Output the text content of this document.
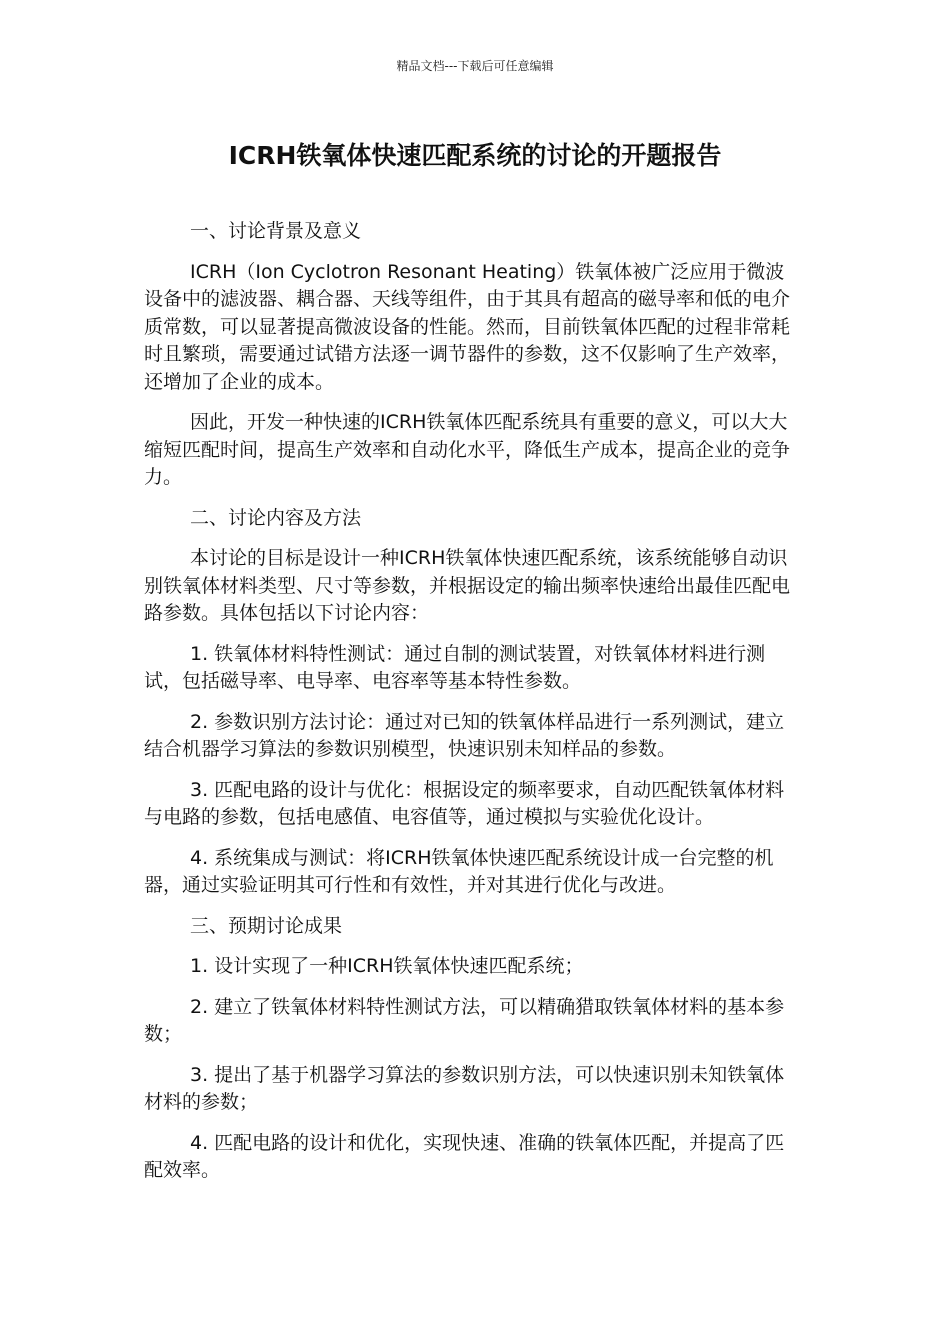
精品文档---下载后可任意编辑
ICRH铁氧体快速匹配系统的讨论的开题报告

一、讨论背景及意义

ICRH（Ion Cyclotron Resonant Heating）铁氧体被广泛应用于微波设备中的滤波器、耦合器、天线等组件，由于其具有超高的磁导率和低的电介质常数，可以显著提高微波设备的性能。然而，目前铁氧体匹配的过程非常耗时且繁琐，需要通过试错方法逐一调节器件的参数，这不仅影响了生产效率，还增加了企业的成本。

因此，开发一种快速的ICRH铁氧体匹配系统具有重要的意义，可以大大缩短匹配时间，提高生产效率和自动化水平，降低生产成本，提高企业的竞争力。

二、讨论内容及方法

本讨论的目标是设计一种ICRH铁氧体快速匹配系统，该系统能够自动识别铁氧体材料类型、尺寸等参数，并根据设定的输出频率快速给出最佳匹配电路参数。具体包括以下讨论内容：

1. 铁氧体材料特性测试：通过自制的测试装置，对铁氧体材料进行测试，包括磁导率、电导率、电容率等基本特性参数。

2. 参数识别方法讨论：通过对已知的铁氧体样品进行一系列测试，建立结合机器学习算法的参数识别模型，快速识别未知样品的参数。

3. 匹配电路的设计与优化：根据设定的频率要求，自动匹配铁氧体材料与电路的参数，包括电感值、电容值等，通过模拟与实验优化设计。

4. 系统集成与测试：将ICRH铁氧体快速匹配系统设计成一台完整的机器，通过实验证明其可行性和有效性，并对其进行优化与改进。

三、预期讨论成果

1. 设计实现了一种ICRH铁氧体快速匹配系统；

2. 建立了铁氧体材料特性测试方法，可以精确猎取铁氧体材料的基本参数；

3. 提出了基于机器学习算法的参数识别方法，可以快速识别未知铁氧体材料的参数；

4. 匹配电路的设计和优化，实现快速、准确的铁氧体匹配，并提高了匹配效率。
